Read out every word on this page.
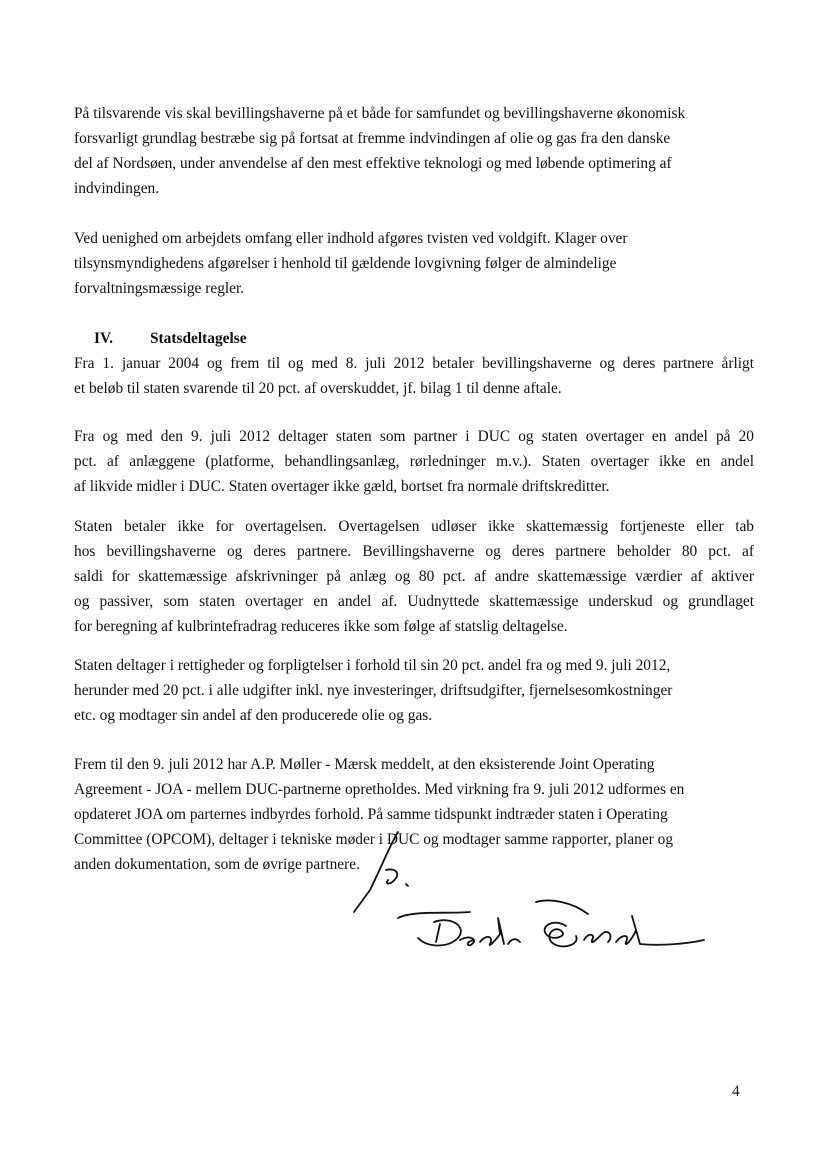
På tilsvarende vis skal bevillingshaverne på et både for samfundet og bevillingshaverne økonomisk
forsvarligt grundlag bestræbe sig på fortsat at fremme indvindingen af olie og gas fra den danske
del af Nordsøen, under anvendelse af den mest effektive teknologi og med løbende optimering af
indvindingen.
Ved uenighed om arbejdets omfang eller indhold afgøres tvisten ved voldgift. Klager over
tilsynsmyndighedens afgørelser i henhold til gældende lovgivning følger de almindelige
forvaltningsmæssige regler.
IV. Statsdeltagelse
Fra 1. januar 2004 og frem til og med 8. juli 2012 betaler bevillingshaverne og deres partnere årligt
et beløb til staten svarende til 20 pct. af overskuddet, jf. bilag 1 til denne aftale.
Fra og med den 9. juli 2012 deltager staten som partner i DUC og staten overtager en andel på 20
pct. af anlæggene (platforme, behandlingsanlæg, rørledninger m.v.). Staten overtager ikke en andel
af likvide midler i DUC. Staten overtager ikke gæld, bortset fra normale driftskreditter.
Staten betaler ikke for overtagelsen. Overtagelsen udløser ikke skattemæssig fortjeneste eller tab
hos bevillingshaverne og deres partnere. Bevillingshaverne og deres partnere beholder 80 pct. af
saldi for skattemæssige afskrivninger på anlæg og 80 pct. af andre skattemæssige værdier af aktiver
og passiver, som staten overtager en andel af. Uudnyttede skattemæssige underskud og grundlaget
for beregning af kulbrintefradrag reduceres ikke som følge af statslig deltagelse.
Staten deltager i rettigheder og forpligtelser i forhold til sin 20 pct. andel fra og med 9. juli 2012,
herunder med 20 pct. i alle udgifter inkl. nye investeringer, driftsudgifter, fjernelsesomkostninger
etc. og modtager sin andel af den producerede olie og gas.
Frem til den 9. juli 2012 har A.P. Møller - Mærsk meddelt, at den eksisterende Joint Operating
Agreement - JOA - mellem DUC-partnerne opretholdes. Med virkning fra 9. juli 2012 udformes en
opdateret JOA om parternes indbyrdes forhold. På samme tidspunkt indtræder staten i Operating
Committee (OPCOM), deltager i tekniske møder i DUC og modtager samme rapporter, planer og
anden dokumentation, som de øvrige partnere.
4
